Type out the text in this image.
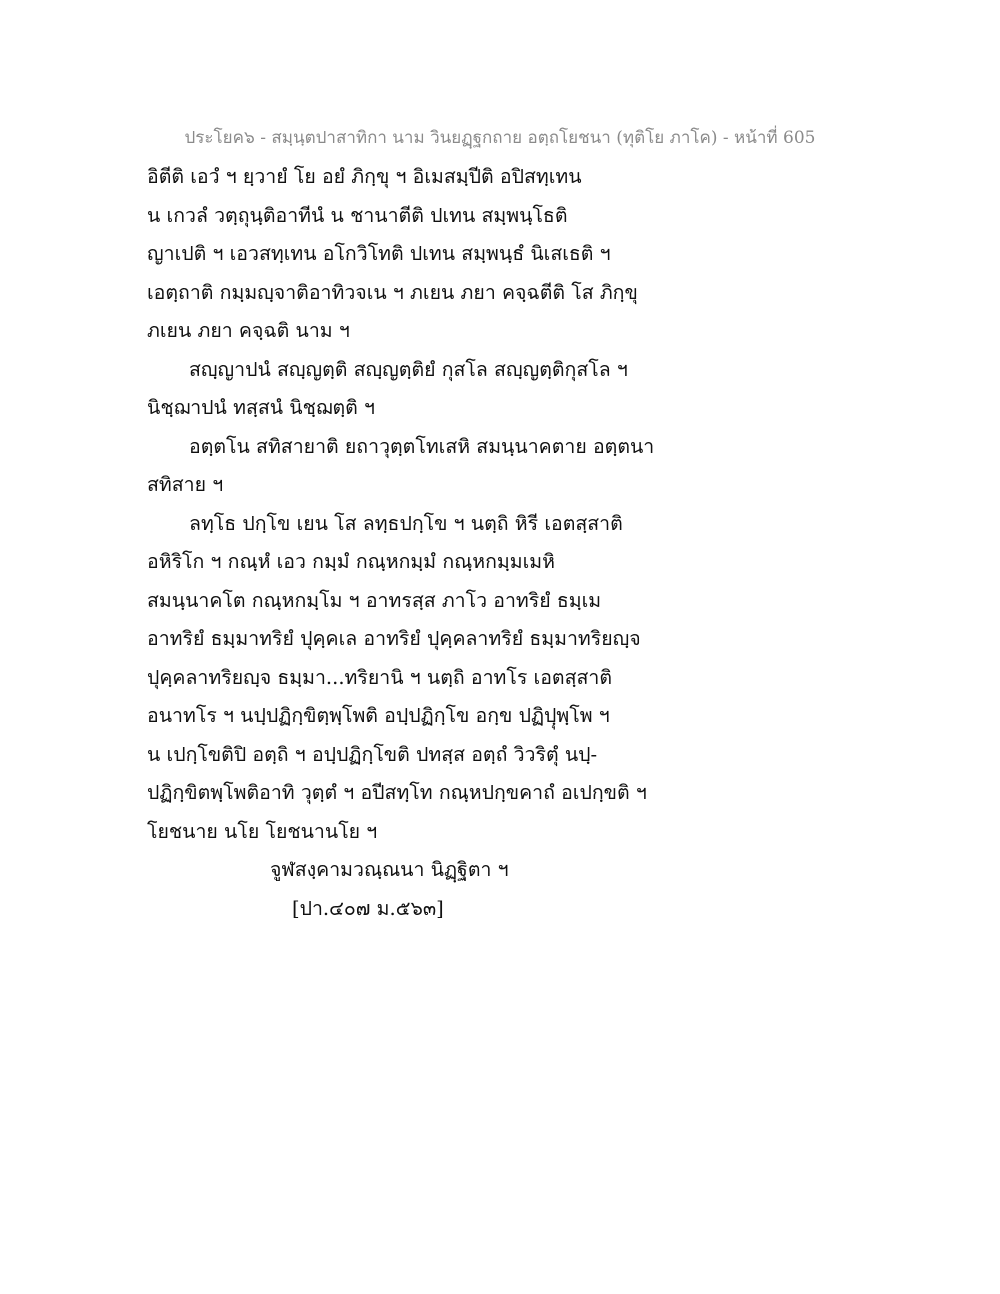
ประโยค๖ - สมฺนฺตปาสาทิกา นาม วินยฏฺฐกถาย อตฺถโยชนา (ทุติโย ภาโค) - หน้าที่ 605
อิตีติ เอวํ ฯ ยฺวายํ โย อยํ ภิกฺขุ ฯ อิเมสมฺปีติ อปิสทฺเทน
น เกวลํ วตฺถุนฺติอาทีนํ น ชานาตีติ ปเทน สมฺพนฺโธติ
ญาเปติ ฯ เอวสทฺเทน อโกวิโทติ ปเทน สมฺพนฺธํ นิเสเธติ ฯ
เอตฺถาติ กมฺมญฺจาติอาทิวจเน ฯ ภเยน ภยา คจฺฉตีติ โส ภิกฺขุ
ภเยน ภยา คจฺฉติ นาม ฯ
สญฺญาปนํ สญฺญตฺติ สญฺญตฺติยํ กุสโล สญฺญตฺติกุสโล ฯ
นิชฺฌาปนํ ทสฺสนํ นิชฺฌตฺติ ฯ
อตฺตโน สทิสายาติ ยถาวุตฺตโทเสหิ สมนฺนาคตาย อตฺตนา
สทิสาย ฯ
ลทฺโธ ปกฺโข เยน โส ลทฺธปกฺโข ฯ นตฺถิ หิรี เอตสฺสาติ
อหิริโก ฯ กณฺหํ เอว กมฺมํ กณฺหกมฺมํ กณฺหกมฺมเมหิ
สมนฺนาคโต กณฺหกมฺโม ฯ อาทรสฺส ภาโว อาทริยํ ธมฺเม
อาทริยํ ธมฺมาทริยํ ปุคฺคเล อาทริยํ ปุคฺคลาทริยํ ธมฺมาทริยญฺจ
ปุคฺคลาทริยญฺจ ธมฺมา...ทริยานิ ฯ นตฺถิ อาทโร เอตสฺสาติ
อนาทโร ฯ นปฺปฏิกฺขิตฺพฺโพติ อปฺปฏิกฺโข อกฺข ปฏิปฺุพฺโพ ฯ
น เปกฺโขติปิ อตฺถิ ฯ อปฺปฏิกฺโขติ ปทสฺส อตฺถํ วิวริตุํ นปฺ-
ปฏิกฺขิตพฺโพติอาทิ วุตฺตํ ฯ อปีสทฺโท กณฺหปกฺขคาถํ อเปกฺขติ ฯ
โยชนาย นโย โยชนานโย ฯ
จูฬสงฺคามวณฺณนา นิฏฺฐิตา ฯ
[ปา.๔๐๗ ม.๕๖๓]
